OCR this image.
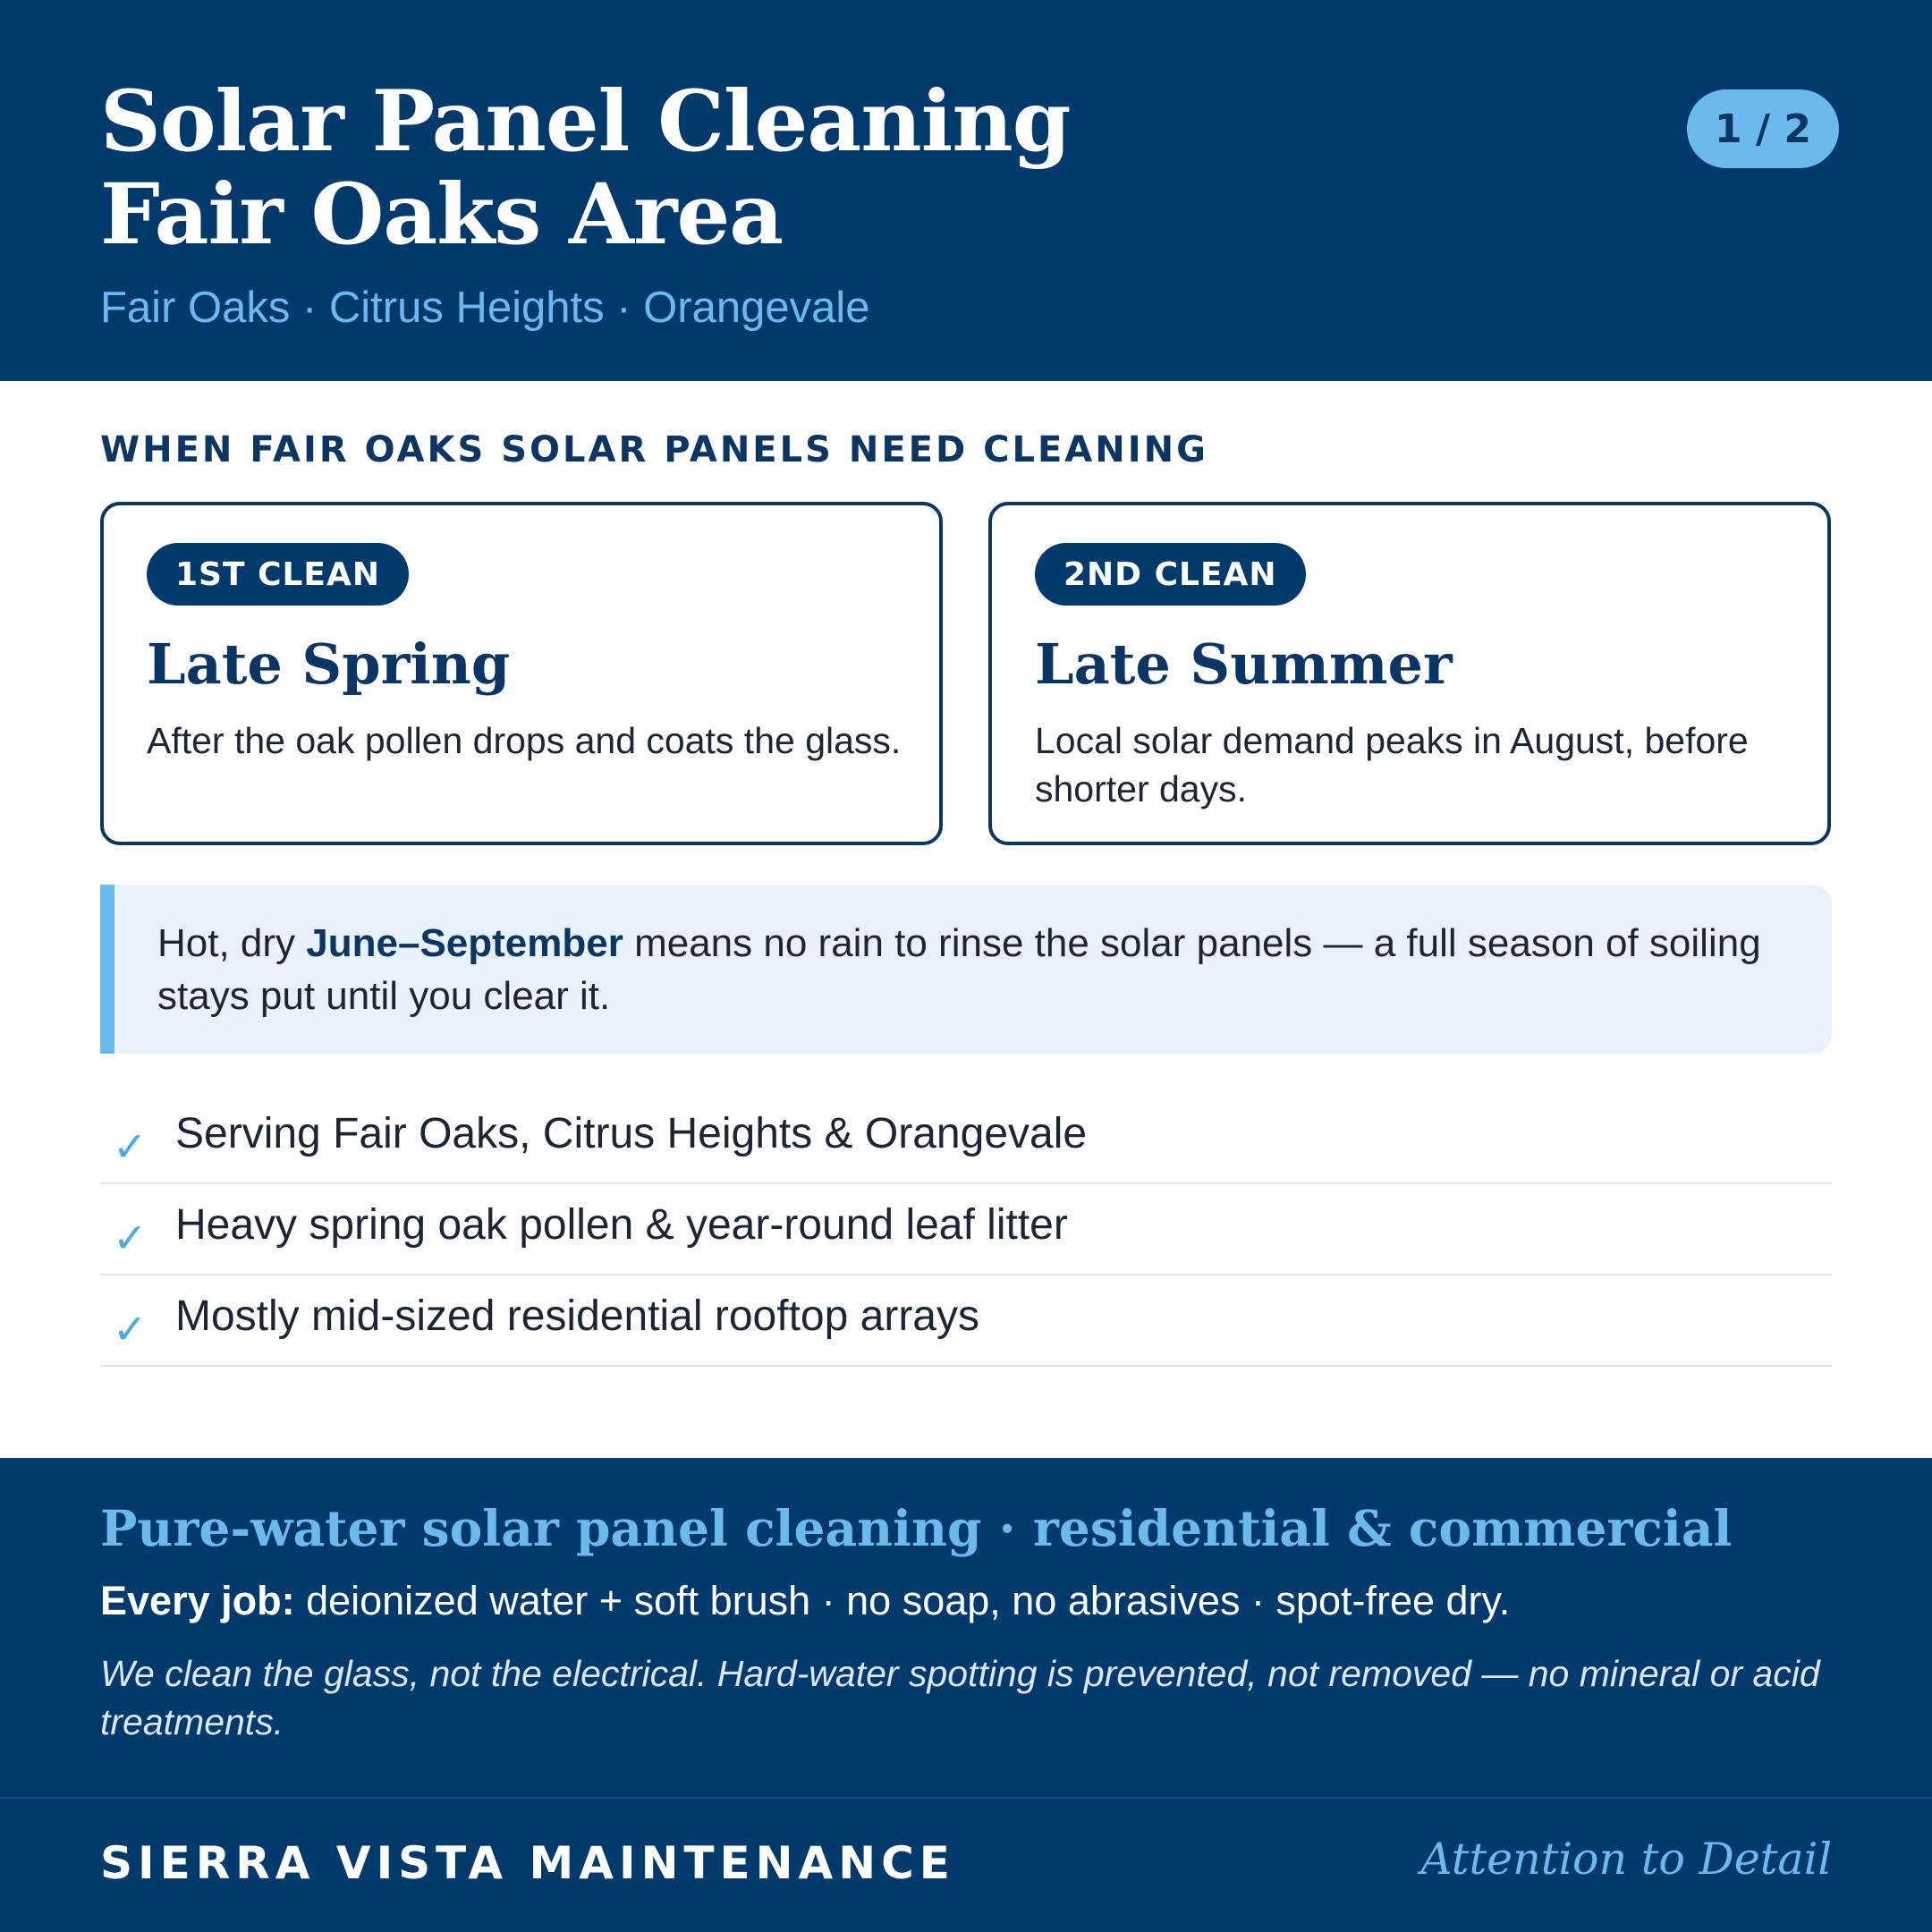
Solar Panel Cleaning
Fair Oaks Area
Fair Oaks · Citrus Heights · Orangevale
1 / 2
WHEN FAIR OAKS SOLAR PANELS NEED CLEANING
1ST CLEAN
Late Spring
After the oak pollen drops and coats the glass.
2ND CLEAN
Late Summer
Local solar demand peaks in August, before shorter days.

Hot, dry June–September means no rain to rinse the solar panels — a full season of soiling stays put until you clear it.

✓ Serving Fair Oaks, Citrus Heights & Orangevale
✓ Heavy spring oak pollen & year-round leaf litter
✓ Mostly mid-sized residential rooftop arrays
Pure-water solar panel cleaning · residential & commercial
Every job: deionized water + soft brush · no soap, no abrasives · spot-free dry.
We clean the glass, not the electrical. Hard-water spotting is prevented, not removed — no mineral or acid treatments.
SIERRA VISTA MAINTENANCE	Attention to Detail
